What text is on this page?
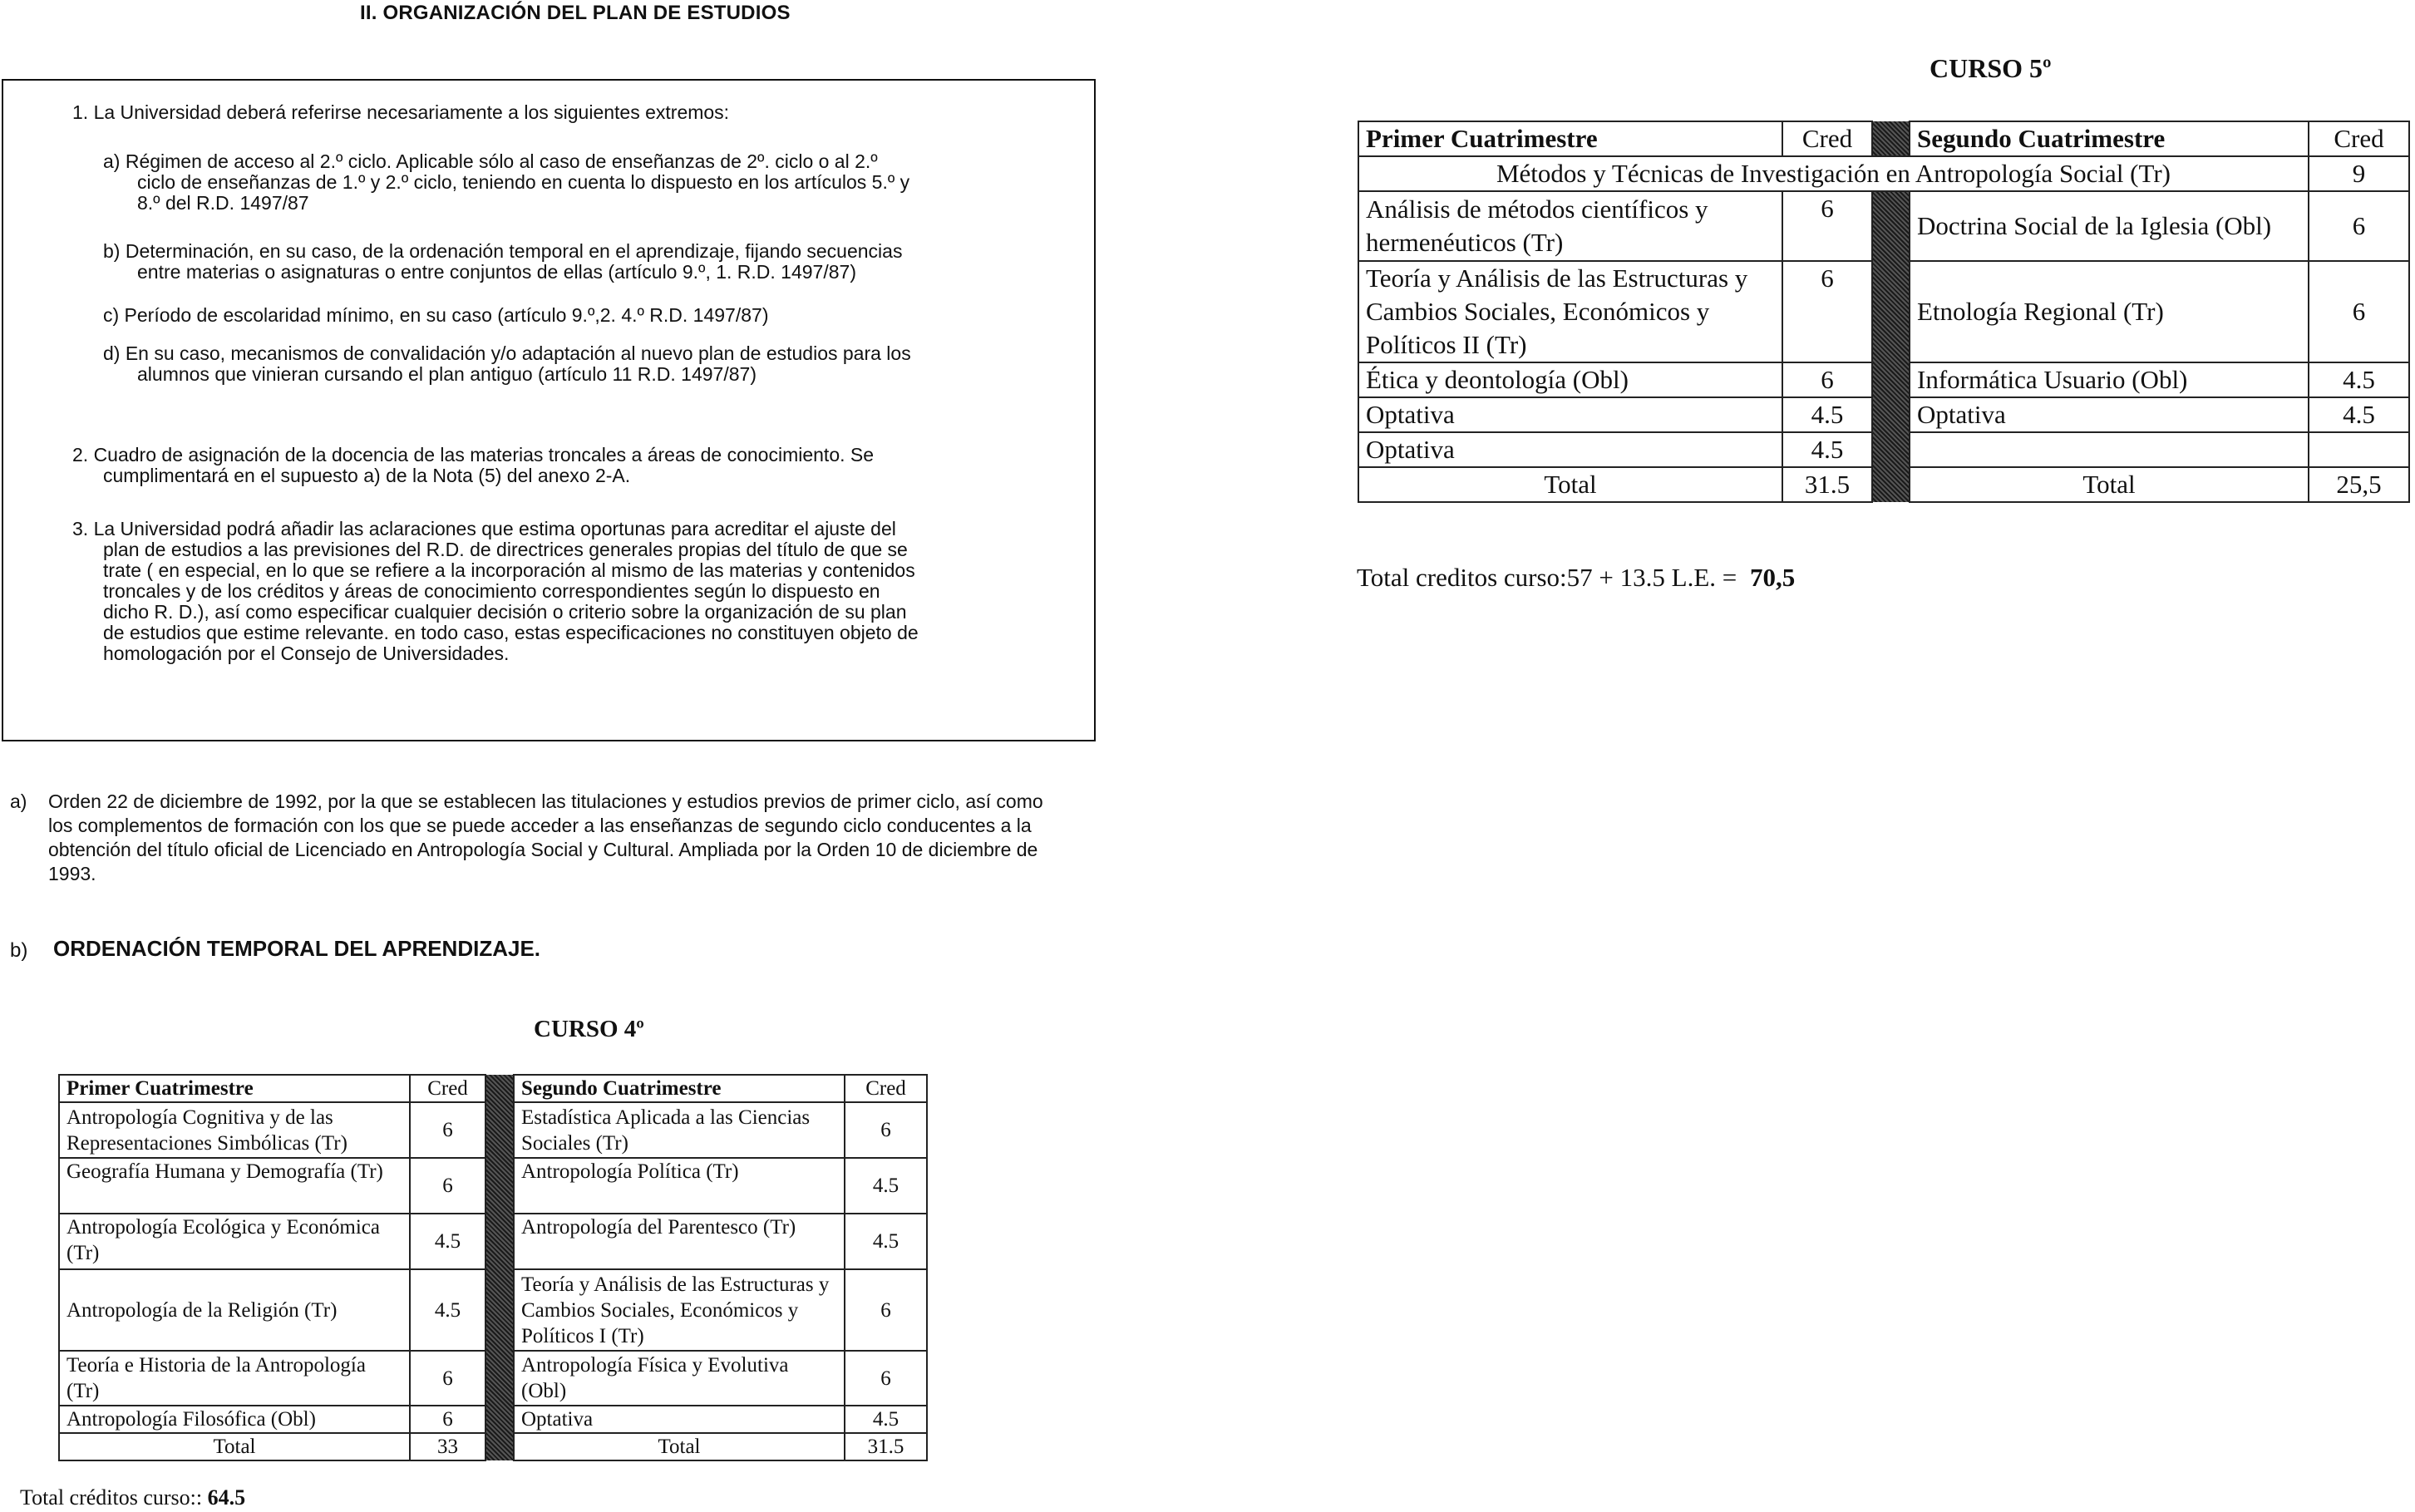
II. ORGANIZACIÓN DEL PLAN DE ESTUDIOS
1. La Universidad deberá referirse necesariamente a los siguientes extremos:
a) Régimen de acceso al 2.º ciclo. Aplicable sólo al caso de enseñanzas de 2º. ciclo o al 2.º
ciclo de enseñanzas de 1.º y 2.º ciclo, teniendo en cuenta lo dispuesto en los artículos 5.º y
8.º del R.D. 1497/87
b) Determinación, en su caso, de la ordenación temporal en el aprendizaje, fijando secuencias
entre materias o asignaturas o entre conjuntos de ellas (artículo 9.º, 1. R.D. 1497/87)
c) Período de escolaridad mínimo, en su caso (artículo 9.º,2. 4.º R.D. 1497/87)
d) En su caso, mecanismos de convalidación y/o adaptación al nuevo plan de estudios para los
alumnos que vinieran cursando el plan antiguo (artículo 11 R.D. 1497/87)
2. Cuadro de asignación de la docencia de las materias troncales a áreas de conocimiento. Se
cumplimentará en el supuesto a) de la Nota (5) del anexo 2-A.
3. La Universidad podrá añadir las aclaraciones que estima oportunas para acreditar el ajuste del
plan de estudios a las previsiones del R.D. de directrices generales propias del título de que se
trate ( en especial, en lo que se refiere a la incorporación al mismo de las materias y contenidos
troncales y de los créditos y áreas de conocimiento correspondientes según lo dispuesto en
dicho R. D.), así como especificar cualquier decisión o criterio sobre la organización de su plan
de estudios que estime relevante. en todo caso, estas especificaciones no constituyen objeto de
homologación por el Consejo de Universidades.
a) Orden 22 de diciembre de 1992, por la que se establecen las titulaciones y estudios previos de primer ciclo, así como
los complementos de formación con los que se puede acceder a las enseñanzas de segundo ciclo conducentes a la
obtención del título oficial de Licenciado en Antropología Social y Cultural. Ampliada por la Orden 10 de diciembre de
1993.
b) ORDENACIÓN TEMPORAL DEL APRENDIZAJE.
CURSO 4º
Primer Cuatrimestre	Cred		Segundo Cuatrimestre	Cred
Antropología Cognitiva y de las Representaciones Simbólicas (Tr)	6		Estadística Aplicada a las Ciencias Sociales (Tr)	6
Geografía Humana y Demografía (Tr)	6		Antropología Política (Tr)	4.5
Antropología Ecológica y Económica (Tr)	4.5		Antropología del Parentesco (Tr)	4.5
Antropología de la Religión (Tr)	4.5		Teoría y Análisis de las Estructuras y Cambios Sociales, Económicos y Políticos I (Tr)	6
Teoría e Historia de la Antropología (Tr)	6		Antropología Física y Evolutiva (Obl)	6
Antropología Filosófica (Obl)	6		Optativa	4.5
Total	33		Total	31.5
Total créditos curso:: 64.5
CURSO 5º
Primer Cuatrimestre	Cred		Segundo Cuatrimestre	Cred
Métodos y Técnicas de Investigación en Antropología Social (Tr)				9
Análisis de métodos científicos y hermenéuticos (Tr)	6		Doctrina Social de la Iglesia (Obl)	6
Teoría y Análisis de las Estructuras y Cambios Sociales, Económicos y Políticos II (Tr)	6		Etnología Regional (Tr)	6
Ética y deontología (Obl)	6		Informática Usuario (Obl)	4.5
Optativa	4.5		Optativa	4.5
Optativa	4.5			
Total	31.5		Total	25,5
Total creditos curso:57 + 13.5 L.E. = 70,5
